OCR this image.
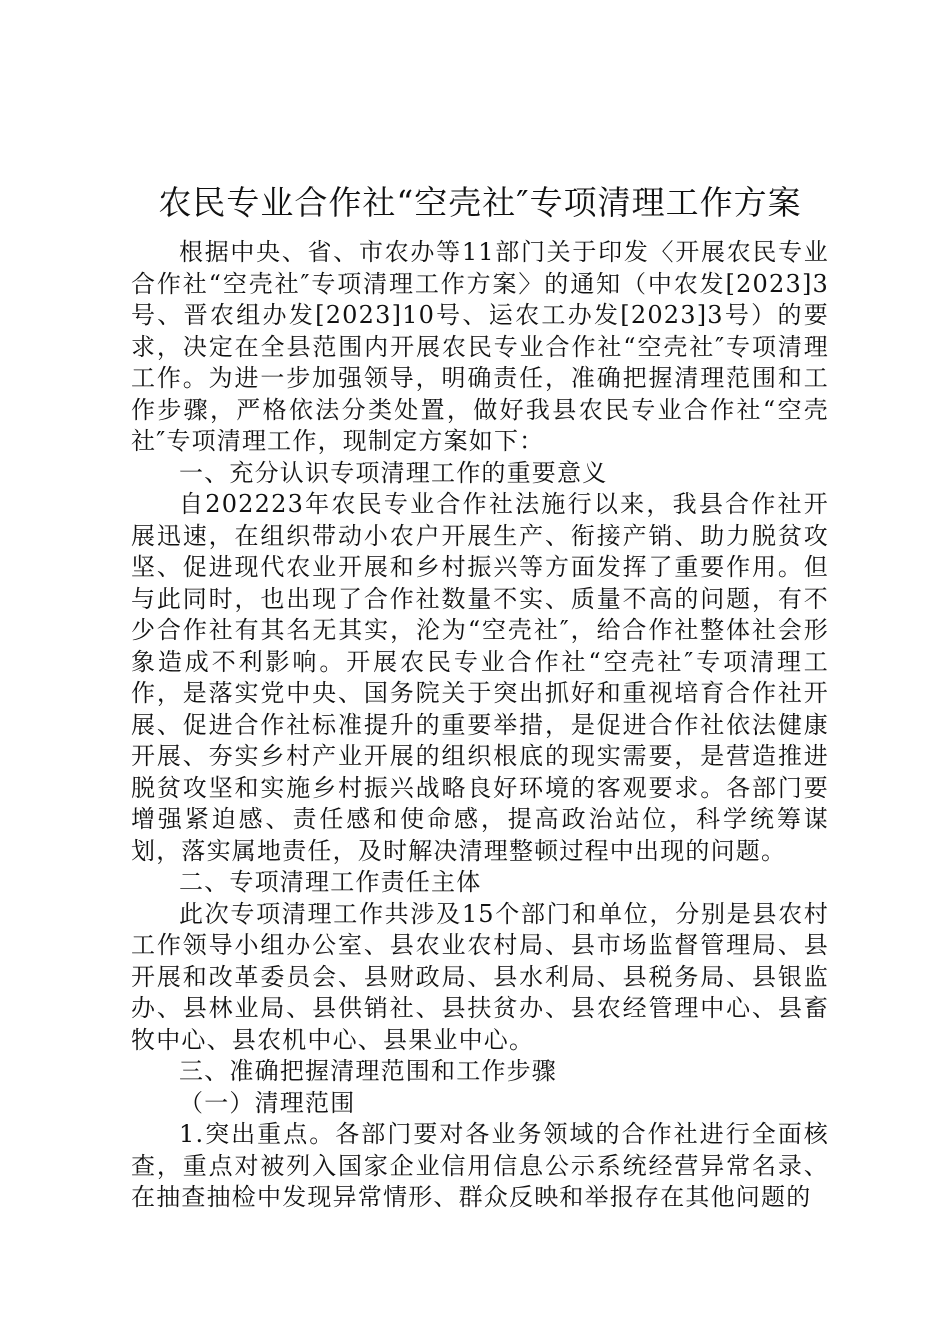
农民专业合作社“空壳社″专项清理工作方案

根据中央、省、市农办等11部门关于印发〈开展农民专业合作社“空壳社″专项清理工作方案〉的通知（中农发[2023]3号、晋农组办发[2023]10号、运农工办发[2023]3号）的要求，决定在全县范围内开展农民专业合作社“空壳社″专项清理工作。为进一步加强领导，明确责任，准确把握清理范围和工作步骤，严格依法分类处置，做好我县农民专业合作社“空壳社″专项清理工作，现制定方案如下：

一、充分认识专项清理工作的重要意义

自202223年农民专业合作社法施行以来，我县合作社开展迅速，在组织带动小农户开展生产、衔接产销、助力脱贫攻坚、促进现代农业开展和乡村振兴等方面发挥了重要作用。但与此同时，也出现了合作社数量不实、质量不高的问题，有不少合作社有其名无其实，沦为“空壳社″，给合作社整体社会形象造成不利影响。开展农民专业合作社“空壳社″专项清理工作，是落实党中央、国务院关于突出抓好和重视培育合作社开展、促进合作社标准提升的重要举措，是促进合作社依法健康开展、夯实乡村产业开展的组织根底的现实需要，是营造推进脱贫攻坚和实施乡村振兴战略良好环境的客观要求。各部门要增强紧迫感、责任感和使命感，提高政治站位，科学统筹谋划，落实属地责任，及时解决清理整顿过程中出现的问题。

二、专项清理工作责任主体

此次专项清理工作共涉及15个部门和单位，分别是县农村工作领导小组办公室、县农业农村局、县市场监督管理局、县开展和改革委员会、县财政局、县水利局、县税务局、县银监办、县林业局、县供销社、县扶贫办、县农经管理中心、县畜牧中心、县农机中心、县果业中心。

三、准确把握清理范围和工作步骤

（一）清理范围

1.突出重点。各部门要对各业务领域的合作社进行全面核查，重点对被列入国家企业信用信息公示系统经营异常名录、在抽查抽检中发现异常情形、群众反映和举报存在其他问题的
